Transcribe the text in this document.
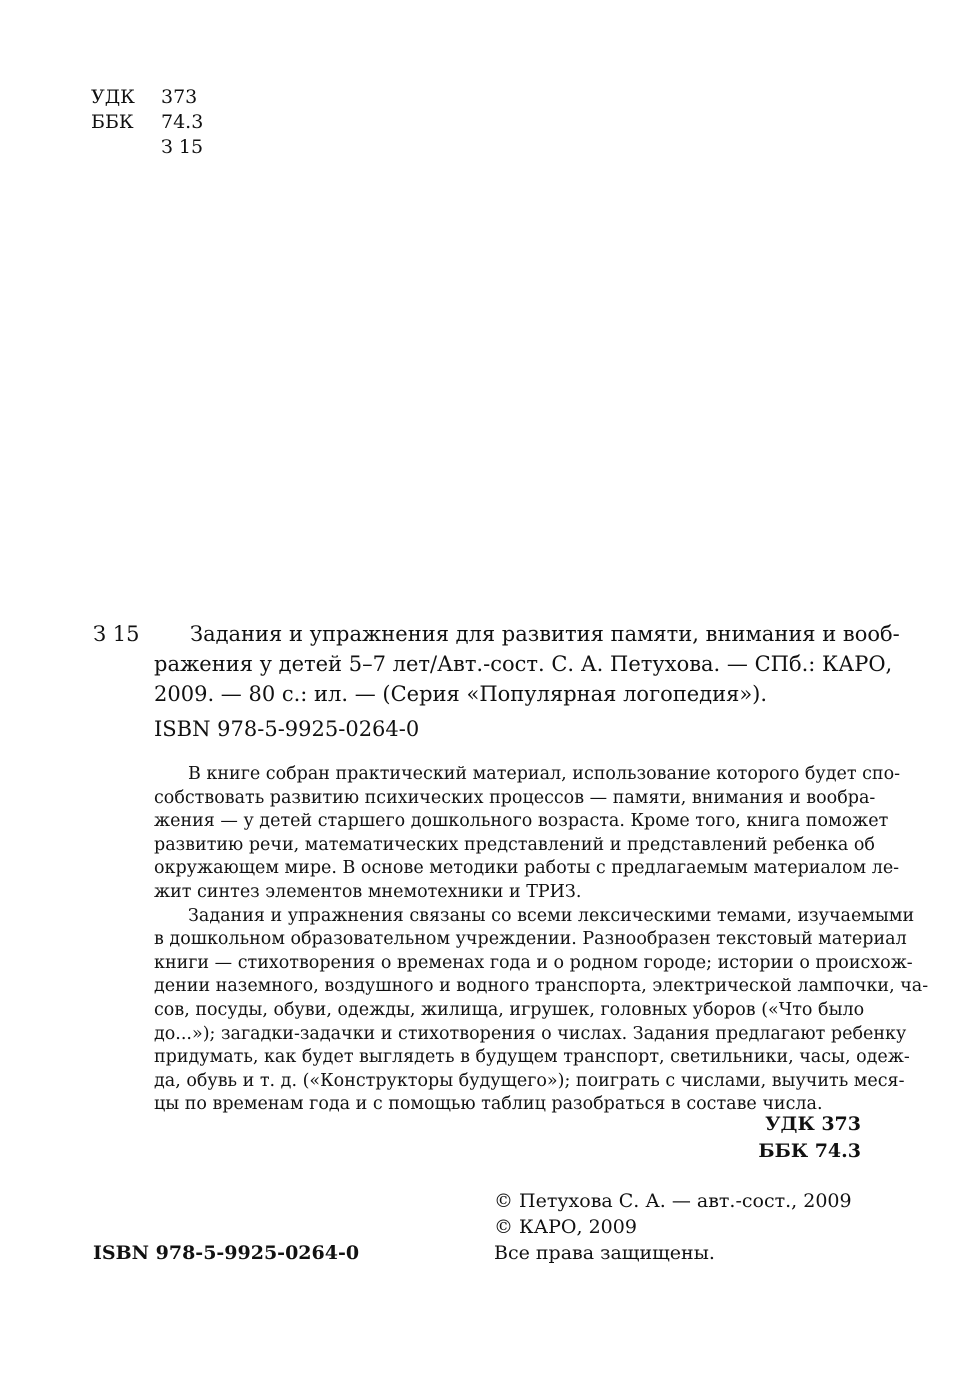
УДК 373
ББК 74.3
З 15
З 15	Задания и упражнения для развития памяти, внимания и вооб-
ражения у детей 5–7 лет/Авт.-сост. С. А. Петухова. — СПб.: КАРО,
2009. — 80 с.: ил. — (Серия «Популярная логопедия»).
ISBN 978-5-9925-0264-0
В книге собран практический материал, использование которого будет спо-
собствовать развитию психических процессов — памяти, внимания и вообра-
жения — у детей старшего дошкольного возраста. Кроме того, книга поможет
развитию речи, математических представлений и представлений ребенка об
окружающем мире. В основе методики работы с предлагаемым материалом ле-
жит синтез элементов мнемотехники и ТРИЗ.
Задания и упражнения связаны со всеми лексическими темами, изучаемыми
в дошкольном образовательном учреждении. Разнообразен текстовый материал
книги — стихотворения о временах года и о родном городе; истории о происхож-
дении наземного, воздушного и водного транспорта, электрической лампочки, ча-
сов, посуды, обуви, одежды, жилища, игрушек, головных уборов («Что было
до...»); загадки-задачки и стихотворения о числах. Задания предлагают ребенку
придумать, как будет выглядеть в будущем транспорт, светильники, часы, одеж-
да, обувь и т. д. («Конструкторы будущего»); поиграть с числами, выучить меся-
цы по временам года и с помощью таблиц разобраться в составе числа.
УДК 373
ББК 74.3
© Петухова С. А. — авт.-сост., 2009
© КАРО, 2009
Все права защищены.
ISBN 978-5-9925-0264-0
